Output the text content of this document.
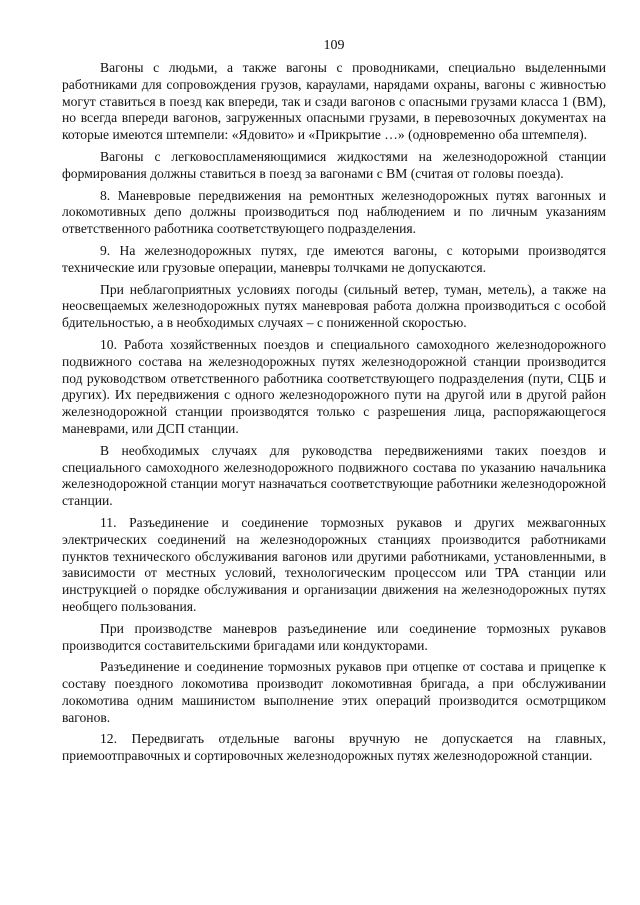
109

Вагоны с людьми, а также вагоны с проводниками, специально выделенными работниками для сопровождения грузов, караулами, нарядами охраны, вагоны с живностью могут ставиться в поезд как впереди, так и сзади вагонов с опасными грузами класса 1 (ВМ), но всегда впереди вагонов, загруженных опасными грузами, в перевозочных документах на которые имеются штемпели: «Ядовито» и «Прикрытие …» (одновременно оба штемпеля).

Вагоны с легковоспламеняющимися жидкостями на железнодорожной станции формирования должны ставиться в поезд за вагонами с ВМ (считая от головы поезда).

8. Маневровые передвижения на ремонтных железнодорожных путях вагонных и локомотивных депо должны производиться под наблюдением и по личным указаниям ответственного работника соответствующего подразделения.

9. На железнодорожных путях, где имеются вагоны, с которыми производятся технические или грузовые операции, маневры толчками не допускаются.

При неблагоприятных условиях погоды (сильный ветер, туман, метель), а также на неосвещаемых железнодорожных путях маневровая работа должна производиться с особой бдительностью, а в необходимых случаях – с пониженной скоростью.

10. Работа хозяйственных поездов и специального самоходного железнодорожного подвижного состава на железнодорожных путях железнодорожной станции производится под руководством ответственного работника соответствующего подразделения (пути, СЦБ и других). Их передвижения с одного железнодорожного пути на другой или в другой район железнодорожной станции производятся только с разрешения лица, распоряжающегося маневрами, или ДСП станции.

В необходимых случаях для руководства передвижениями таких поездов и специального самоходного железнодорожного подвижного состава по указанию начальника железнодорожной станции могут назначаться соответствующие работники железнодорожной станции.

11. Разъединение и соединение тормозных рукавов и других межвагонных электрических соединений на железнодорожных станциях производится работниками пунктов технического обслуживания вагонов или другими работниками, установленными, в зависимости от местных условий, технологическим процессом или ТРА станции или инструкцией о порядке обслуживания и организации движения на железнодорожных путях необщего пользования.

При производстве маневров разъединение или соединение тормозных рукавов производится составительскими бригадами или кондукторами.

Разъединение и соединение тормозных рукавов при отцепке от состава и прицепке к составу поездного локомотива производит локомотивная бригада, а при обслуживании локомотива одним машинистом выполнение этих операций производится осмотрщиком вагонов.

12. Передвигать отдельные вагоны вручную не допускается на главных, приемоотправочных и сортировочных железнодорожных путях железнодорожной станции.
